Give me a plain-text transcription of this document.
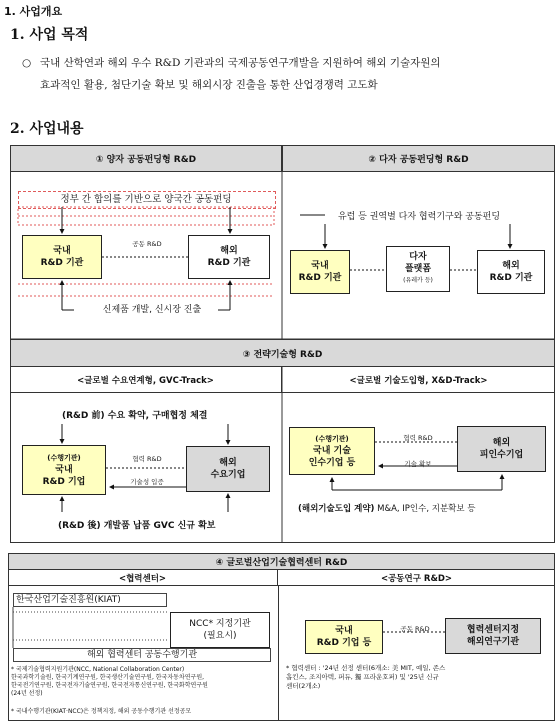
1. 사업개요
1. 사업 목적
○ 국내 산학연과 해외 우수 R&D 기관과의 국제공동연구개발을 지원하여 해외 기술자원의
효과적인 활용, 첨단기술 확보 및 해외시장 진출을 통한 산업경쟁력 고도화
2. 사업내용
① 양자 공동펀딩형 R&D	② 다자 공동펀딩형 R&D
정부 간 합의를 기반으로 양국간 공동펀딩
국내
R&D 기관
해외
R&D 기관
공동 R&D
신제품 개발, 신시장 진출
유럽 등 권역별 다자 협력기구와 공동펀딩
국내
R&D 기관
다자
플랫폼
(유레카 등)
해외
R&D 기관
③ 전략기술형 R&D
<글로벌 수요연계형, GVC-Track>	<글로벌 기술도입형, X&D-Track>
(R&D 前) 수요 확약, 구매협정 체결
(수행기관)
국내
R&D 기업
해외
수요기업
협력 R&D
기술성 입증
(R&D 後) 개발품 납품 GVC 신규 확보
(수행기관)
국내 기술
인수기업 등
해외
피인수기업
협력 R&D
기술 확보
(해외기술도입 계약) M&A, IP인수, 지분확보 등
④ 글로벌산업기술협력센터 R&D
<협력센터>	<공동연구 R&D>
한국산업기술진흥원(KIAT)
NCC* 지정기관
(필요시)
해외 협력센터 공동수행기관
* 국제기술협력지원기관(NCC, National Collaboration Center)
한국과학기술원, 한국기계연구원, 한국생산기술연구원, 한국자동차연구원,
한국전기연구원, 한국전자기술연구원, 한국전자통신연구원, 한국화학연구원
(24년 선정)
* 국내수행기관(KIAT·NCC)은 정책지정, 해외 공동수행기관 선정공모
국내
R&D 기업 등
공동 R&D	협력센터지정
해외연구기관
* 협력센터 : '24년 선정 센터(6개소: 美 MIT, 예일, 존스
홉킨스, 조지아텍, 퍼듀, 獨 프라운호퍼) 및 '25년 신규
센터(2개소)
